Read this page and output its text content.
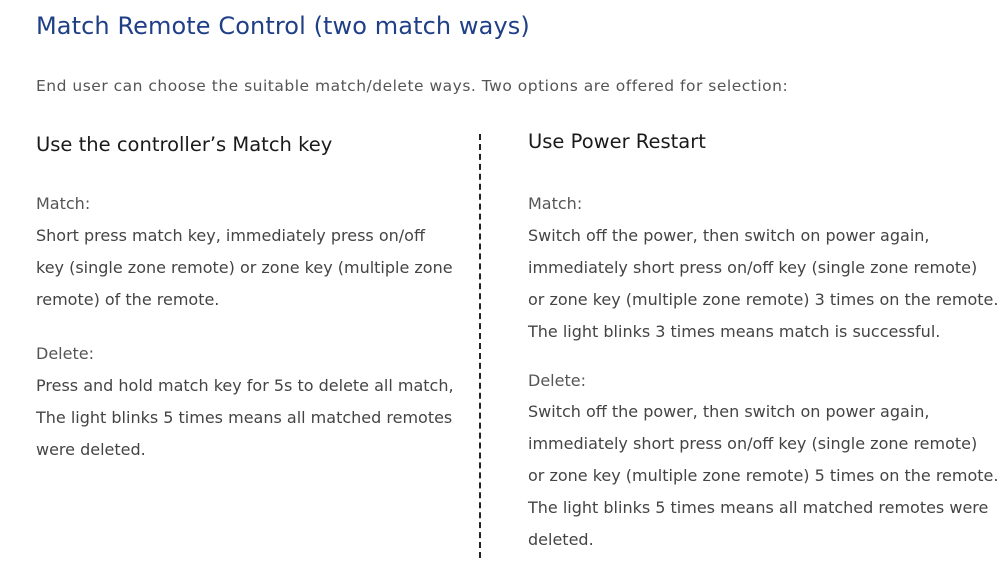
Match Remote Control (two match ways)
End user can choose the suitable match/delete ways. Two options are offered for selection:
Use the controller’s Match key
Match:
Short press match key, immediately press on/off
key (single zone remote) or zone key (multiple zone
remote) of the remote.
Delete:
Press and hold match key for 5s to delete all match,
The light blinks 5 times means all matched remotes
were deleted.
Use Power Restart
Match:
Switch off the power, then switch on power again,
immediately short press on/off key (single zone remote)
or zone key (multiple zone remote) 3 times on the remote.
The light blinks 3 times means match is successful.
Delete:
Switch off the power, then switch on power again,
immediately short press on/off key (single zone remote)
or zone key (multiple zone remote) 5 times on the remote.
The light blinks 5 times means all matched remotes were
deleted.
